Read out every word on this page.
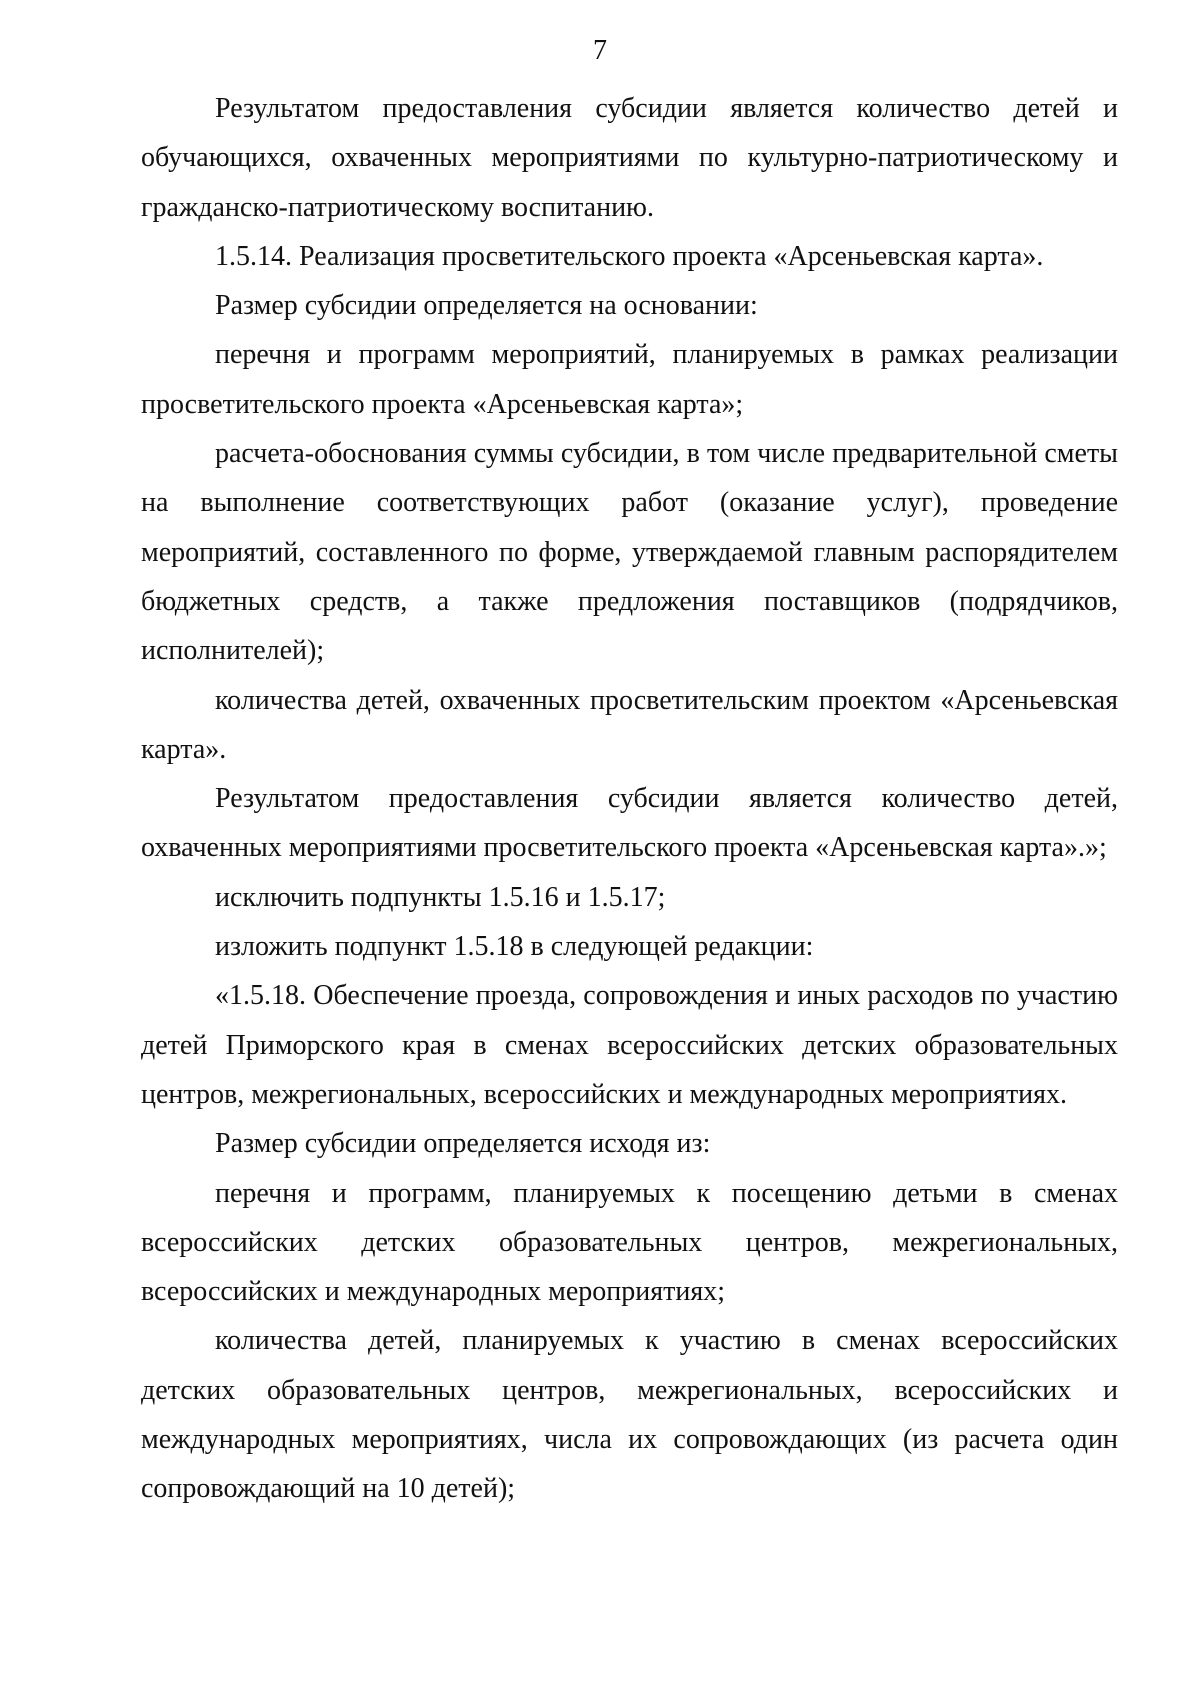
7

Результатом предоставления субсидии является количество детей и обучающихся, охваченных мероприятиями по культурно-патриотическому и гражданско-патриотическому воспитанию.

1.5.14. Реализация просветительского проекта «Арсеньевская карта».

Размер субсидии определяется на основании:

перечня и программ мероприятий, планируемых в рамках реализации просветительского проекта «Арсеньевская карта»;

расчета-обоснования суммы субсидии, в том числе предварительной сметы на выполнение соответствующих работ (оказание услуг), проведение мероприятий, составленного по форме, утверждаемой главным распорядителем бюджетных средств, а также предложения поставщиков (подрядчиков, исполнителей);

количества детей, охваченных просветительским проектом «Арсеньевская карта».

Результатом предоставления субсидии является количество детей, охваченных мероприятиями просветительского проекта «Арсеньевская карта».»;

исключить подпункты 1.5.16 и 1.5.17;

изложить подпункт 1.5.18 в следующей редакции:

«1.5.18. Обеспечение проезда, сопровождения и иных расходов по участию детей Приморского края в сменах всероссийских детских образовательных центров, межрегиональных, всероссийских и международных мероприятиях.

Размер субсидии определяется исходя из:

перечня и программ, планируемых к посещению детьми в сменах всероссийских детских образовательных центров, межрегиональных, всероссийских и международных мероприятиях;

количества детей, планируемых к участию в сменах всероссийских детских образовательных центров, межрегиональных, всероссийских и международных мероприятиях, числа их сопровождающих (из расчета один сопровождающий на 10 детей);
